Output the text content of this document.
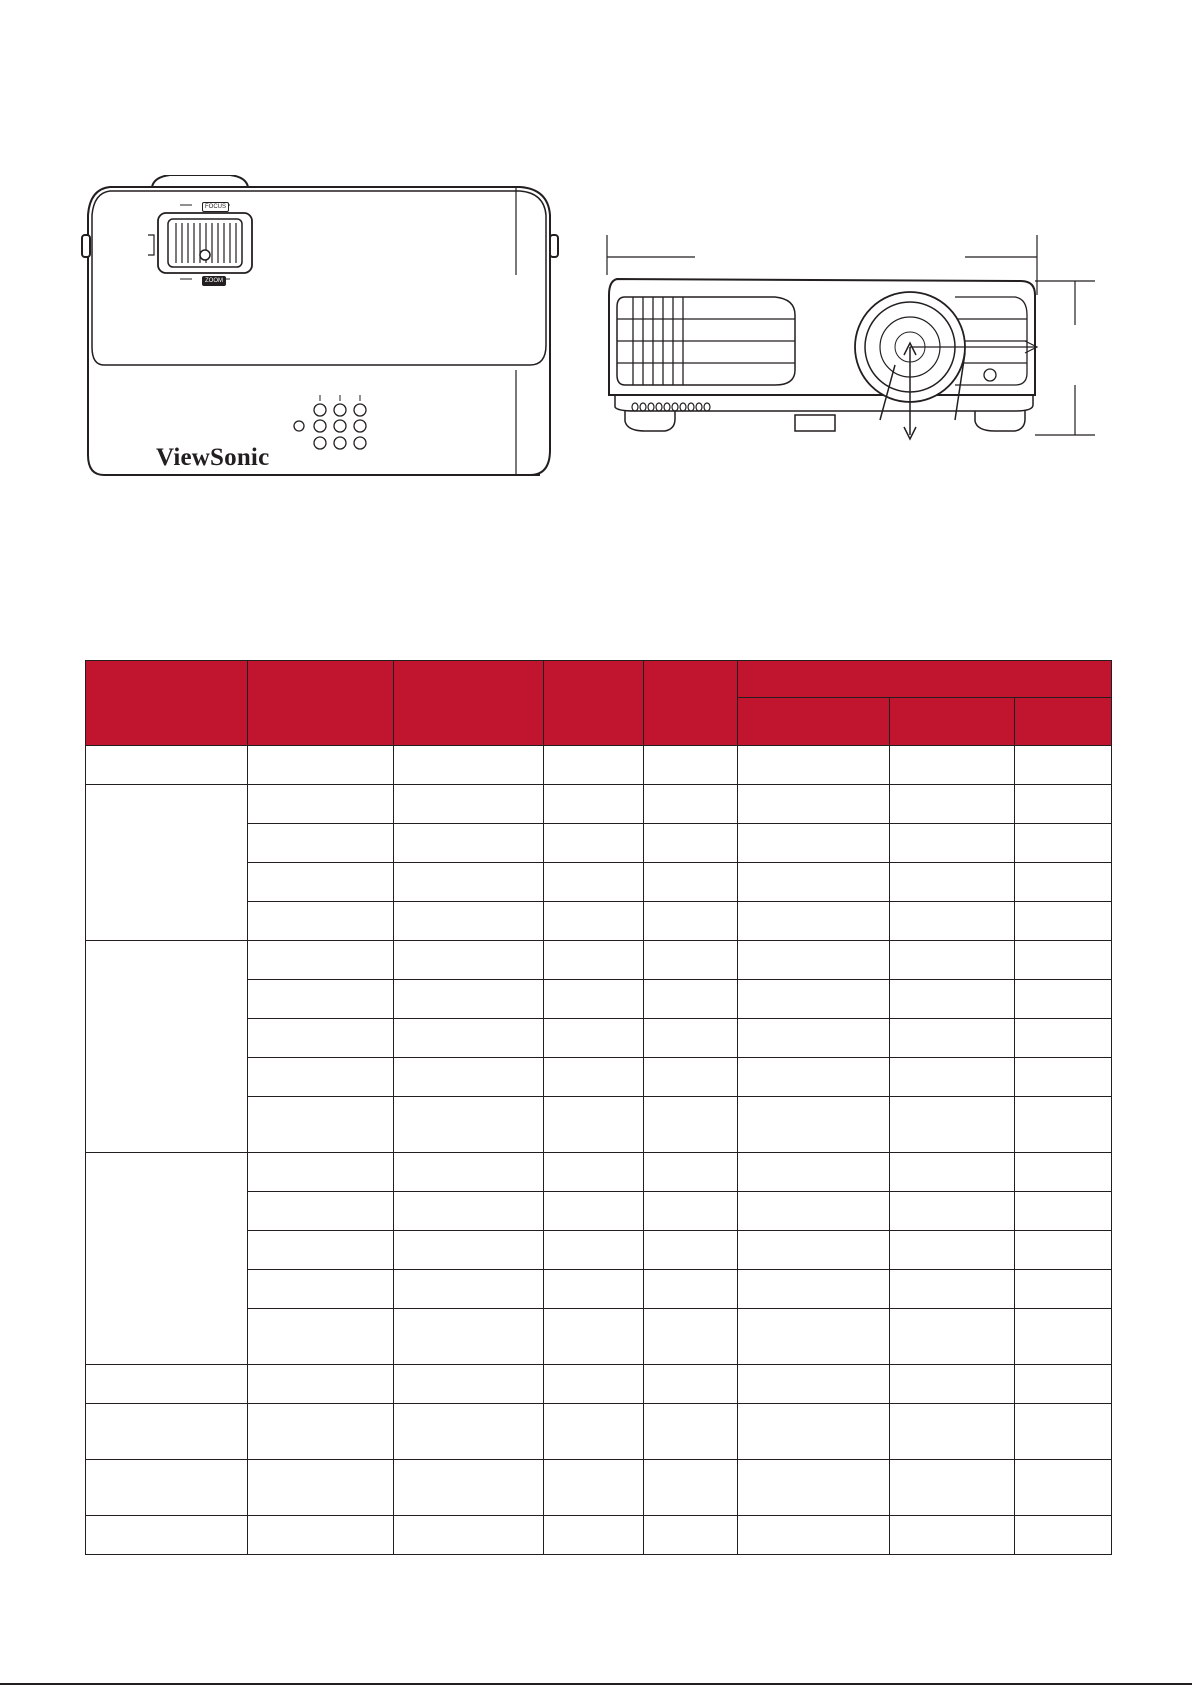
FOCUS
ZOOM
ViewSonic
